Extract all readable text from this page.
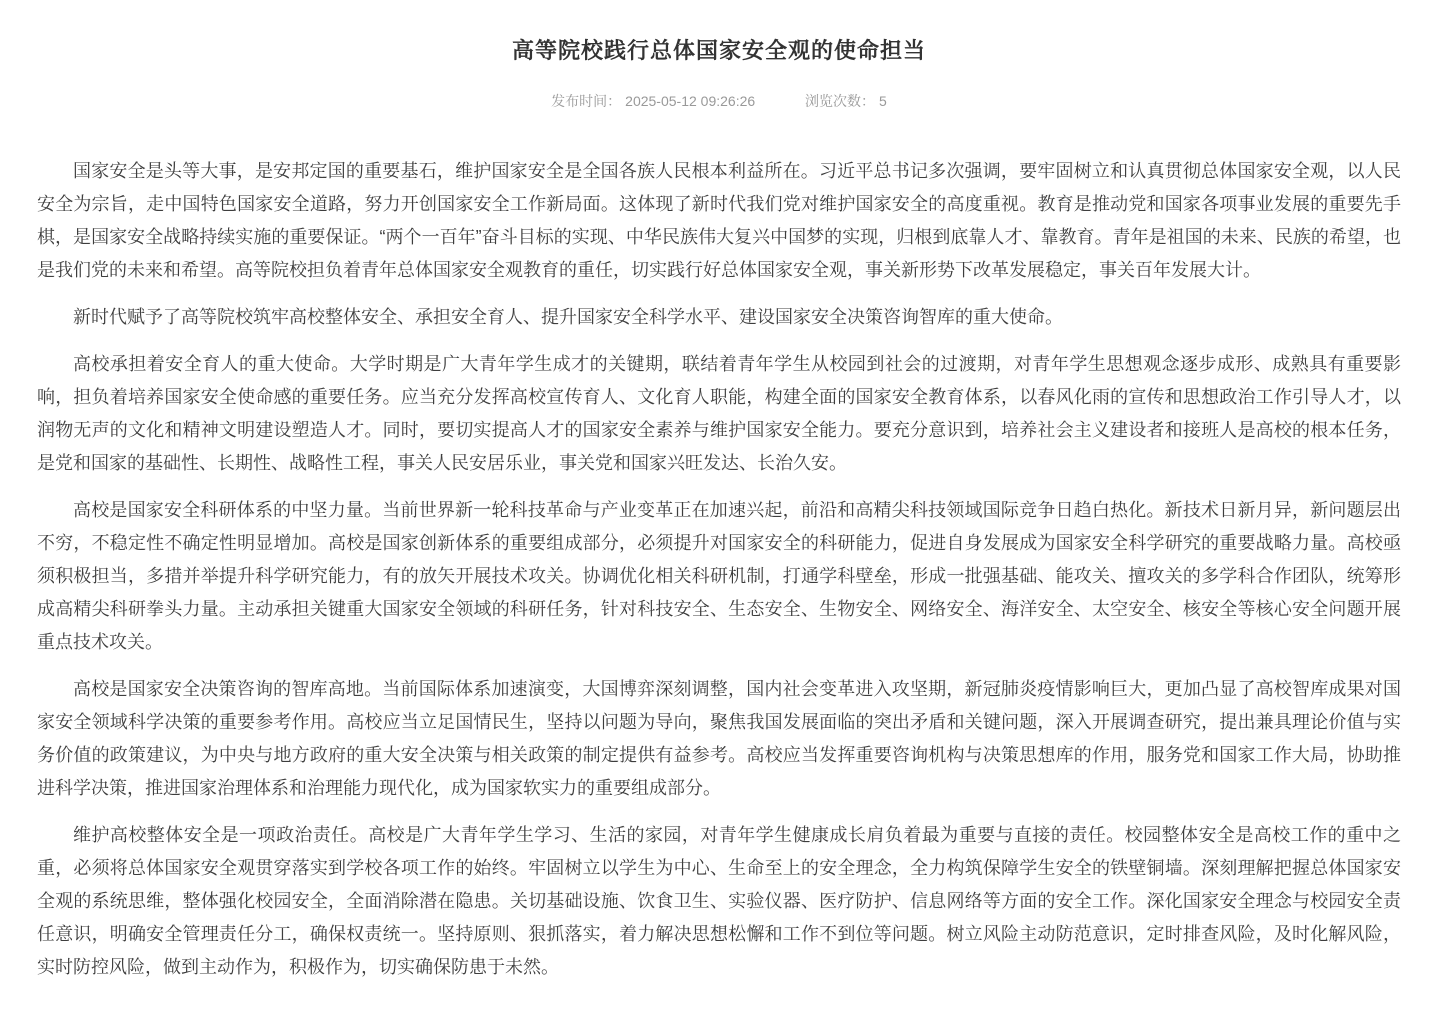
高等院校践行总体国家安全观的使命担当
发布时间： 2025-05-12 09:26:26	浏览次数： 5

国家安全是头等大事，是安邦定国的重要基石，维护国家安全是全国各族人民根本利益所在。习近平总书记多次强调，要牢固树立和认真贯彻总体国家安全观，以人民安全为宗旨，走中国特色国家安全道路，努力开创国家安全工作新局面。这体现了新时代我们党对维护国家安全的高度重视。教育是推动党和国家各项事业发展的重要先手棋，是国家安全战略持续实施的重要保证。“两个一百年”奋斗目标的实现、中华民族伟大复兴中国梦的实现，归根到底靠人才、靠教育。青年是祖国的未来、民族的希望，也是我们党的未来和希望。高等院校担负着青年总体国家安全观教育的重任，切实践行好总体国家安全观，事关新形势下改革发展稳定，事关百年发展大计。

新时代赋予了高等院校筑牢高校整体安全、承担安全育人、提升国家安全科学水平、建设国家安全决策咨询智库的重大使命。

高校承担着安全育人的重大使命。大学时期是广大青年学生成才的关键期，联结着青年学生从校园到社会的过渡期，对青年学生思想观念逐步成形、成熟具有重要影响，担负着培养国家安全使命感的重要任务。应当充分发挥高校宣传育人、文化育人职能，构建全面的国家安全教育体系，以春风化雨的宣传和思想政治工作引导人才，以润物无声的文化和精神文明建设塑造人才。同时，要切实提高人才的国家安全素养与维护国家安全能力。要充分意识到，培养社会主义建设者和接班人是高校的根本任务，是党和国家的基础性、长期性、战略性工程，事关人民安居乐业，事关党和国家兴旺发达、长治久安。

高校是国家安全科研体系的中坚力量。当前世界新一轮科技革命与产业变革正在加速兴起，前沿和高精尖科技领域国际竞争日趋白热化。新技术日新月异，新问题层出不穷，不稳定性不确定性明显增加。高校是国家创新体系的重要组成部分，必须提升对国家安全的科研能力，促进自身发展成为国家安全科学研究的重要战略力量。高校亟须积极担当，多措并举提升科学研究能力，有的放矢开展技术攻关。协调优化相关科研机制，打通学科壁垒，形成一批强基础、能攻关、擅攻关的多学科合作团队，统筹形成高精尖科研拳头力量。主动承担关键重大国家安全领域的科研任务，针对科技安全、生态安全、生物安全、网络安全、海洋安全、太空安全、核安全等核心安全问题开展重点技术攻关。

高校是国家安全决策咨询的智库高地。当前国际体系加速演变，大国博弈深刻调整，国内社会变革进入攻坚期，新冠肺炎疫情影响巨大，更加凸显了高校智库成果对国家安全领域科学决策的重要参考作用。高校应当立足国情民生，坚持以问题为导向，聚焦我国发展面临的突出矛盾和关键问题，深入开展调查研究，提出兼具理论价值与实务价值的政策建议，为中央与地方政府的重大安全决策与相关政策的制定提供有益参考。高校应当发挥重要咨询机构与决策思想库的作用，服务党和国家工作大局，协助推进科学决策，推进国家治理体系和治理能力现代化，成为国家软实力的重要组成部分。

维护高校整体安全是一项政治责任。高校是广大青年学生学习、生活的家园，对青年学生健康成长肩负着最为重要与直接的责任。校园整体安全是高校工作的重中之重，必须将总体国家安全观贯穿落实到学校各项工作的始终。牢固树立以学生为中心、生命至上的安全理念，全力构筑保障学生安全的铁壁铜墙。深刻理解把握总体国家安全观的系统思维，整体强化校园安全，全面消除潜在隐患。关切基础设施、饮食卫生、实验仪器、医疗防护、信息网络等方面的安全工作。深化国家安全理念与校园安全责任意识，明确安全管理责任分工，确保权责统一。坚持原则、狠抓落实，着力解决思想松懈和工作不到位等问题。树立风险主动防范意识，定时排查风险，及时化解风险，实时防控风险，做到主动作为，积极作为，切实确保防患于未然。
